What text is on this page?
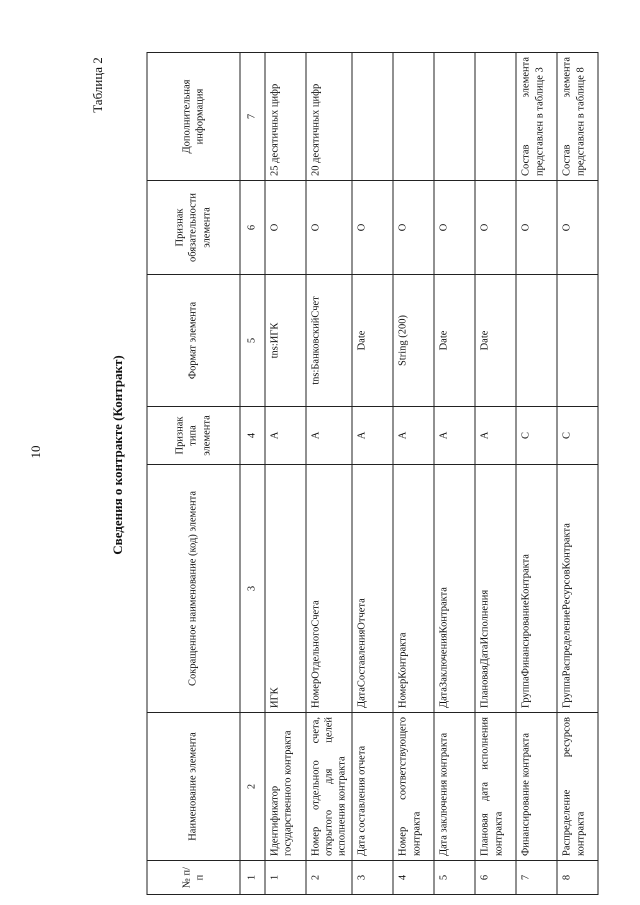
10
Таблица 2
Сведения о контракте (Контракт)
№ п/п	Наименование элемента	Сокращенное наименование (код) элемента	Признак типа элемента	Формат элемента	Признак обязательности элемента	Дополнительная информация
1	2	3	4	5	6	7
1	Идентификатор государственного контракта	ИГК	А	tns:ИГК	О	25 десятичных цифр
2	Номер отдельного счета, открытого для целей исполнения контракта	НомерОтдельногоСчета	А	tns:БанковскийСчет	О	20 десятичных цифр
3	Дата составления отчета	ДатаСоставленияОтчета	А	Date	О	
4	Номер соответствующего контракта	НомерКонтракта	А	String (200)	О	
5	Дата заключения контракта	ДатаЗаключенияКонтракта	А	Date	О	
6	Плановая дата исполнения контракта	ПлановаяДатаИсполнения	А	Date	О	
7	Финансирование контракта	ГруппаФинансированиеКонтракта	С		О	Состав элемента представлен в таблице 3
8	Распределение ресурсов контракта	ГруппаРаспределениеРесурсовКонтракта	С		О	Состав элемента представлен в таблице 8
